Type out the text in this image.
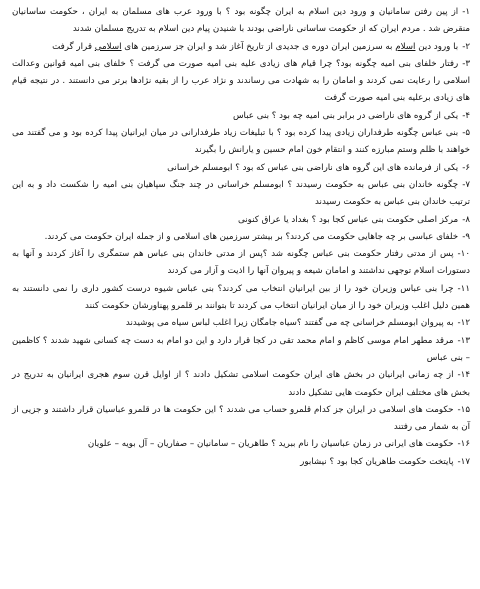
۱-از پین رفتن سامانیان و ورود دین اسلام به ایران چگونه بود ؟ با ورود عرب های مسلمان به ایران ، حکومت ساسانیان منقرض شد . مردم ایران که از حکومت ساسانی ناراضی بودند با شنیدن پیام دین اسلام به تدریج مسلمان شدند

۲-با ورود دین اسلام به سرزمین ایران دوره ی جدیدی از تاریخ آغاز شد و ایران جز سرزمین های اسلامی قرار گرفت

۳-رفتار خلفای بنی امیه چگونه بود؟ چرا قیام های زیادی علیه بنی امیه صورت می گرفت ؟ خلفای بنی امیه قوانین وعدالت اسلامی را رعایت نمی کردند و امامان را به شهادت می رساندند و نژاد عرب را از بقیه نژادها برتر می دانستند . در نتیجه قیام های زیادی برعلیه بنی امیه صورت گرفت

۴-یکی از گروه های ناراضی در برابر بنی امیه چه بود ؟ بنی عباس

۵-بنی عباس چگونه طرفداران زیادی پیدا کرده بود ؟ با تبلیغات زیاد طرفدارانی در میان ایرانیان پیدا کرده بود و می گفتند می خواهند با ظلم وستم مبارزه کنند و انتقام خون امام حسین و یارانش را بگیرند

۶-یکی از فرمانده های این گروه های ناراضی بنی عباس که بود ؟ ابومسلم خراسانی

۷-چگونه خاندان بنی عباس به حکومت رسیدند ؟ ابومسلم خراسانی در چند جنگ سپاهیان بنی امیه را شکست داد و به این ترتیب خاندان بنی عباس به حکومت رسیدند

۸-مرکز اصلی حکومت بنی عباس کجا بود ؟ بغداد یا عراق کنونی

۹-خلفای عباسی بر چه جاهایی حکومت می کردند؟ بر بیشتر سرزمین های اسلامی و از جمله ایران حکومت می کردند.

۱۰-پس از مدتی رفتار حکومت بنی عباس چگونه شد ؟پس از مدتی خاندان بنی عباس هم ستمگری را آغاز کردند و آنها به دستورات اسلام توجهی نداشتند و امامان شیعه و پیروان آنها را اذیت و آزار می کردند

۱۱-چرا بنی عباس وزیران خود را از بین ایرانیان انتخاب می کردند؟ بنی عباس شیوه درست کشور داری را نمی دانستند به همین دلیل اغلب وزیران خود را از میان ایرانیان انتخاب می کردند تا بتوانند بر قلمرو پهناورشان حکومت کنند

۱۲-به پیروان ابومسلم خراسانی چه می گفتند ؟سیاه جامگان زیرا اغلب لباس سیاه می پوشیدند

۱۳-مرقد مطهر امام موسی کاظم و امام محمد تقی در کجا قرار دارد و این دو امام به دست چه کسانی شهید شدند ؟ کاظمین – بنی عباس

۱۴-از چه زمانی ایرانیان در بخش های ایران حکومت اسلامی تشکیل دادند ؟ از اوایل قرن سوم هجری ایرانیان به تدریج در بخش های مختلف ایران حکومت هایی تشکیل دادند

۱۵-حکومت های اسلامی در ایران جز کدام قلمرو حساب می شدند ؟ این حکومت ها در قلمرو عباسیان قرار داشتند و جزیی از آن به شمار می رفتند

۱۶-حکومت های ایرانی در زمان عباسیان را نام ببرید ؟ طاهریان – سامانیان – صفاریان – آل بویه – علویان

۱۷-پایتخت حکومت طاهریان کجا بود ؟ نیشابور
